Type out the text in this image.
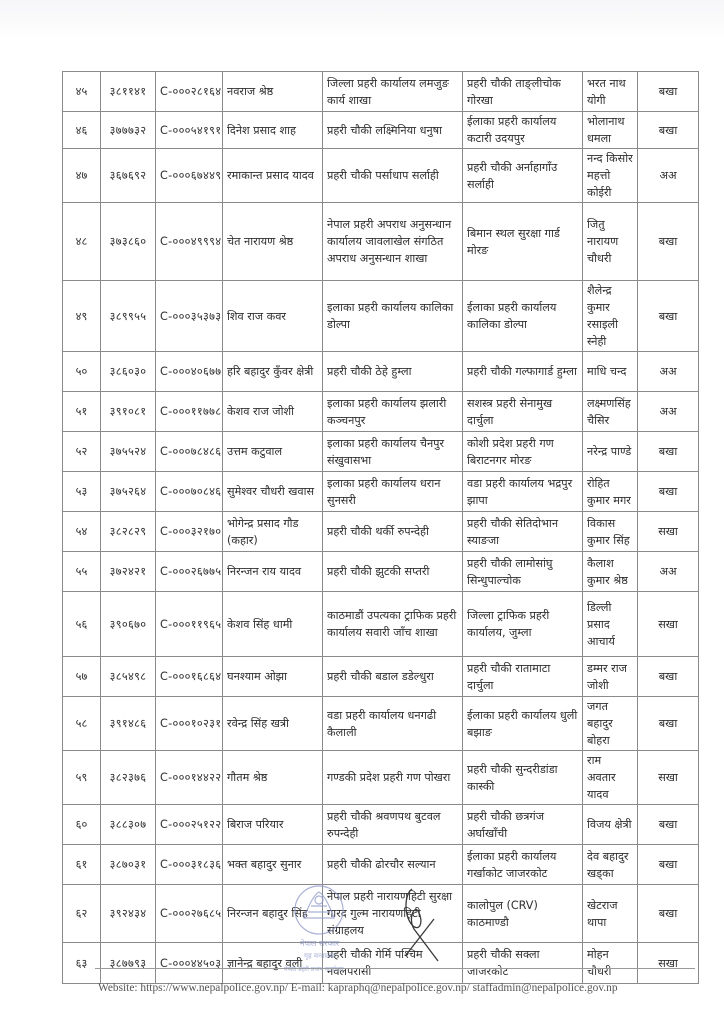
४५	३८११४१	C-०००२८१६४	नवराज श्रेष्ठ	जिल्ला प्रहरी कार्यालय लमजुङ कार्य शाखा	प्रहरी चौकी ताङ्लीचोक गोरखा	भरत नाथ योगी	बखा
४६	३७७७३२	C-०००५४१९१	दिनेश प्रसाद शाह	प्रहरी चौकी लक्ष्मिनिया धनुषा	ईलाका प्रहरी कार्यालय कटारी उदयपुर	भोलानाथ धमला	बखा
४७	३६७६९२	C-०००६७४४९	रमाकान्त प्रसाद यादव	प्रहरी चौकी पर्साधाप सर्लाही	प्रहरी चौकी अर्नाहागाँउ सर्लाही	नन्द किसोर महत्तो कोईरी	अअ
४८	३७३८६०	C-०००४९९९४	चेत नारायण श्रेष्ठ	नेपाल प्रहरी अपराध अनुसन्धान कार्यालय जावलाखेल संगठित अपराध अनुसन्धान शाखा	बिमान स्थल सुरक्षा गार्ड मोरङ	जितु नारायण चौधरी	बखा
४९	३८९९५५	C-०००३५३७३	शिव राज कवर	इलाका प्रहरी कार्यालय कालिका डोल्पा	ईलाका प्रहरी कार्यालय कालिका डोल्पा	शैलेन्द्र कुमार रसाइली स्नेही	बखा
५०	३८६०३०	C-०००४०६७७	हरि बहादुर कुँवर क्षेत्री	प्रहरी चौकी ठेहे हुम्ला	प्रहरी चौकी गल्फागार्ड हुम्ला	माधि चन्द	अअ
५१	३९१०८१	C-०००११७७८	केशव राज जोशी	इलाका प्रहरी कार्यालय झलारी कञ्चनपुर	सशस्त्र प्रहरी सेनामुख दार्चुला	लक्ष्मणसिंह चैसिर	अअ
५२	३७५५२४	C-०००७८४८६	उत्तम कटुवाल	इलाका प्रहरी कार्यालय चैनपुर संखुवासभा	कोशी प्रदेश प्रहरी गण बिराटनगर मोरङ	नरेन्द्र पाण्डे	बखा
५३	३७५२६४	C-०००७०८४६	सुमेश्वर चौधरी खवास	इलाका प्रहरी कार्यालय धरान सुनसरी	वडा प्रहरी कार्यालय भद्रपुर झापा	रोहित कुमार मगर	बखा
५४	३८२८२९	C-०००३२१७०	भोगेन्द्र प्रसाद गौड (कहार)	प्रहरी चौकी थर्की रुपन्देही	प्रहरी चौकी सेतिदोभान स्याङजा	विकास कुमार सिंह	सखा
५५	३७२४२१	C-०००२६७७५	निरन्जन राय यादव	प्रहरी चौकी झुटकी सप्तरी	प्रहरी चौकी लामोसांघु सिन्धुपाल्चोक	कैलाश कुमार श्रेष्ठ	अअ
५६	३९०६७०	C-०००११९६५	केशव सिंह धामी	काठमाडौं उपत्यका ट्राफिक प्रहरी कार्यालय सवारी जाँच शाखा	जिल्ला ट्राफिक प्रहरी कार्यालय, जुम्ला	डिल्ली प्रसाद आचार्य	सखा
५७	३८५४९८	C-०००१६८६४	घनश्याम ओझा	प्रहरी चौकी बडाल डडेल्धुरा	प्रहरी चौकी रातामाटा दार्चुला	डम्मर राज जोशी	बखा
५८	३९१४८६	C-०००१०२३१	रवेन्द्र सिंह खत्री	वडा प्रहरी कार्यालय धनगढी कैलाली	ईलाका प्रहरी कार्यालय धुली बझाङ	जगत बहादुर बोहरा	बखा
५९	३८२३७६	C-०००१४४२२	गौतम श्रेष्ठ	गण्डकी प्रदेश प्रहरी गण पोखरा	प्रहरी चौकी सुन्दरीडांडा कास्की	राम अवतार यादव	सखा
६०	३८८३०७	C-०००२५१२२	बिराज परियार	प्रहरी चौकी श्रवणपथ बुटवल रुपन्देही	प्रहरी चौकी छत्रगंज अर्घाखाँची	विजय क्षेत्री	बखा
६१	३८७०३१	C-०००३१८३६	भक्त बहादुर सुनार	प्रहरी चौकी ढोरचौर सल्यान	ईलाका प्रहरी कार्यालय गर्खाकोट जाजरकोट	देव बहादुर खड्का	बखा
६२	३९२४३४	C-०००२७६८५	निरन्जन बहादुर सिंह	नेपाल प्रहरी नारायणहिटी सुरक्षा गारद गुल्म नारायणहिटी संग्राहलय	कालोपुल (CRV) काठमाण्डौ	खेटराज थापा	बखा
६३	३८७७९३	C-०००४४५०३	ज्ञानेन्द्र बहादुर वली	प्रहरी चौकी गेर्मि पश्चिम नवलपरासी	प्रहरी चौकी सक्ला जाजरकोट	मोहन चौधरी	सखा
नेपाल सरकार
गृह मन्त्रालय
नेपाल प्रहरी प्रधान कार्यालय
Website: https://www.nepalpolice.gov.np/ E-mail: kapraphq@nepalpolice.gov.np/ staffadmin@nepalpolice.gov.np
